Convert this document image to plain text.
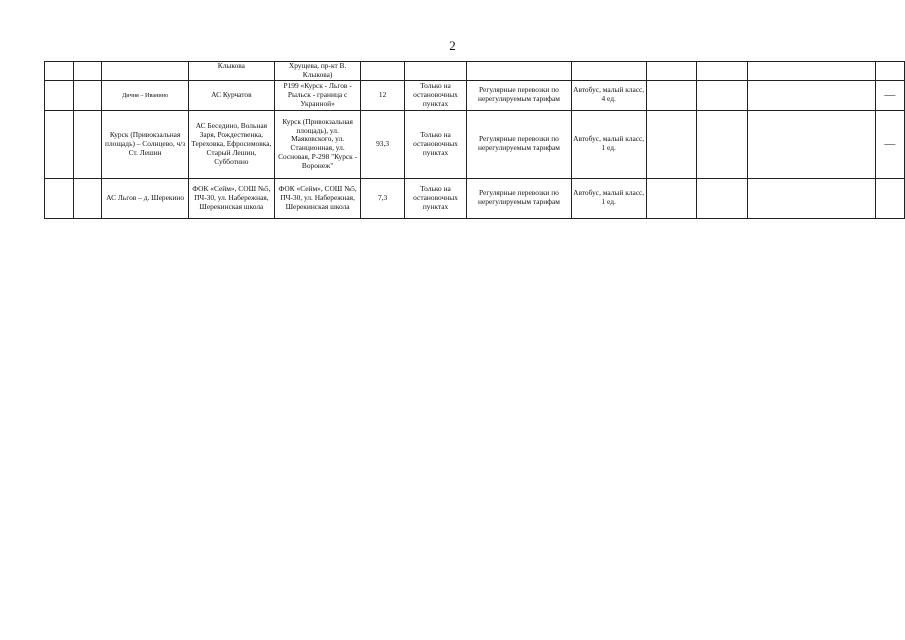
2
			Клыкова	Хрущева, пр-кт В. Клыкова)								
		Дичня – Иванино	АС Курчатов	Р199 «Курск - Льгов - Рыльск - граница с Украиной»	12	Только на остановочных пунктах	Регулярные перевозки по нерегулируемым тарифам	Автобус, малый класс, 4 ед.				—
		Курск (Привокзальная площадь) – Солнцево, ч/з Ст. Лешин	АС Беседино, Вольная Заря, Рождественка, Тереховка, Ефросимовка, Старый Лешин, Субботино	Курск (Привокзальная площадь), ул. Маяковского, ул. Станционная, ул. Сосновая, Р-298 "Курск - Воронеж"	93,3	Только на остановочных пунктах	Регулярные перевозки по нерегулируемым тарифам	Автобус, малый класс, 1 ед.				—
		АС Льгов – д. Шерекино	ФОК «Сейм», СОШ №5, ПЧ-30, ул. Набережная, Шерекинская школа	ФОК «Сейм», СОШ №5, ПЧ-30, ул. Набережная, Шерекинская школа	7,3	Только на остановочных пунктах	Регулярные перевозки по нерегулируемым тарифам	Автобус, малый класс, 1 ед.				
